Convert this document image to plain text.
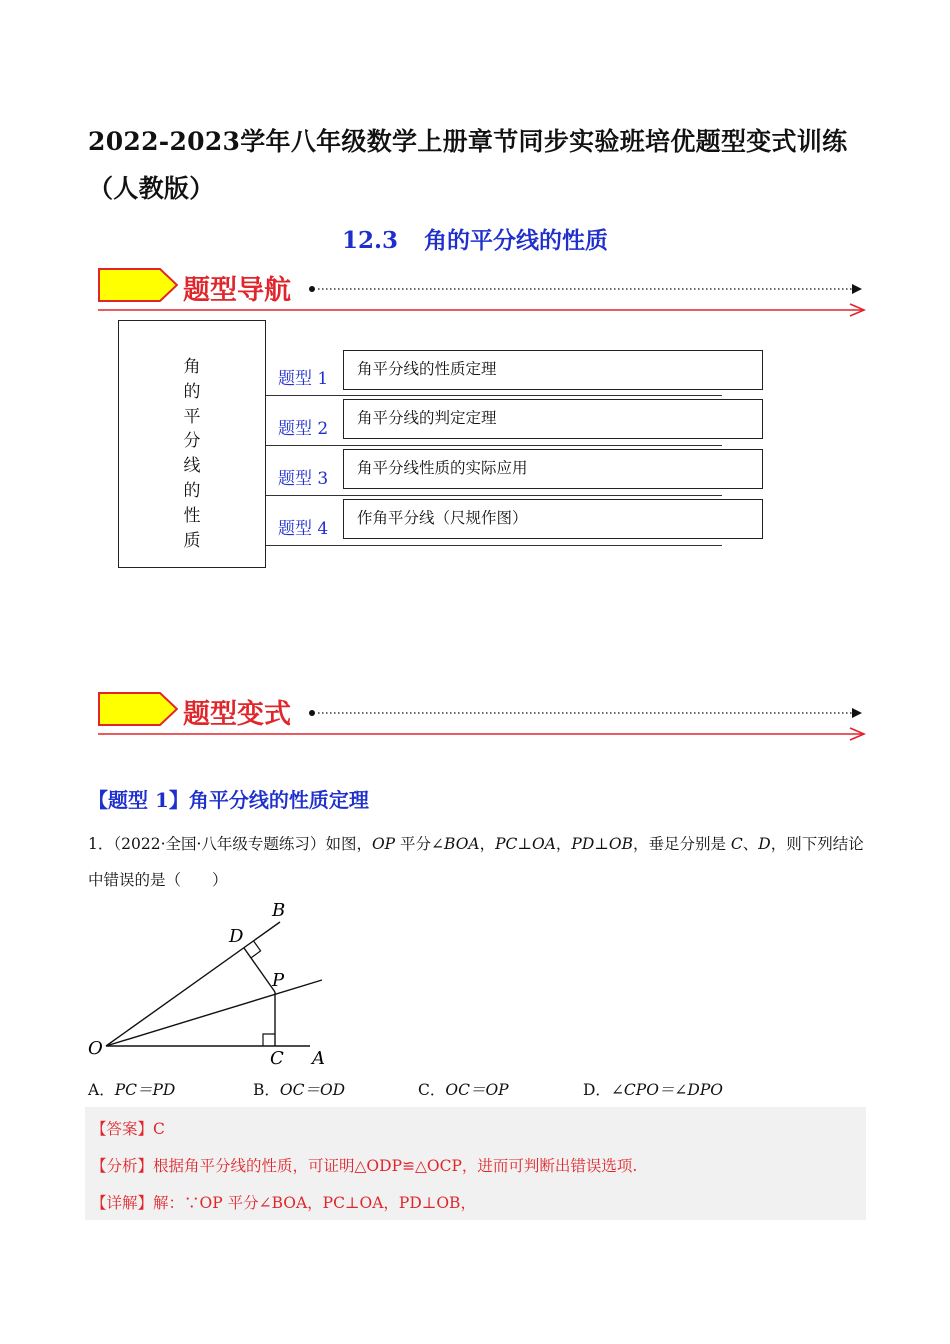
2022-2023学年八年级数学上册章节同步实验班培优题型变式训练（人教版）
12.3 角的平分线的性质
题型导航
角
的
平
分
线
的
性
质
题型 1	角平分线的性质定理
题型 2
角平分线的判定定理
题型 3
角平分线性质的实际应用
题型 4
作角平分线（尺规作图）
题型变式
【题型 1】角平分线的性质定理
1．（2022·全国·八年级专题练习）如图，OP 平分∠BOA，PC⊥OA，PD⊥OB，垂足分别是 C、D，则下列结论中错误的是（　　）
O	A
B
C
D
P
A．PC＝PD	B．OC＝OD	C．OC＝OP	D．∠CPO＝∠DPO
【答案】C
【分析】根据角平分线的性质，可证明△ODP≌△OCP，进而可判断出错误选项.
【详解】解：∵OP 平分∠BOA，PC⊥OA，PD⊥OB，
